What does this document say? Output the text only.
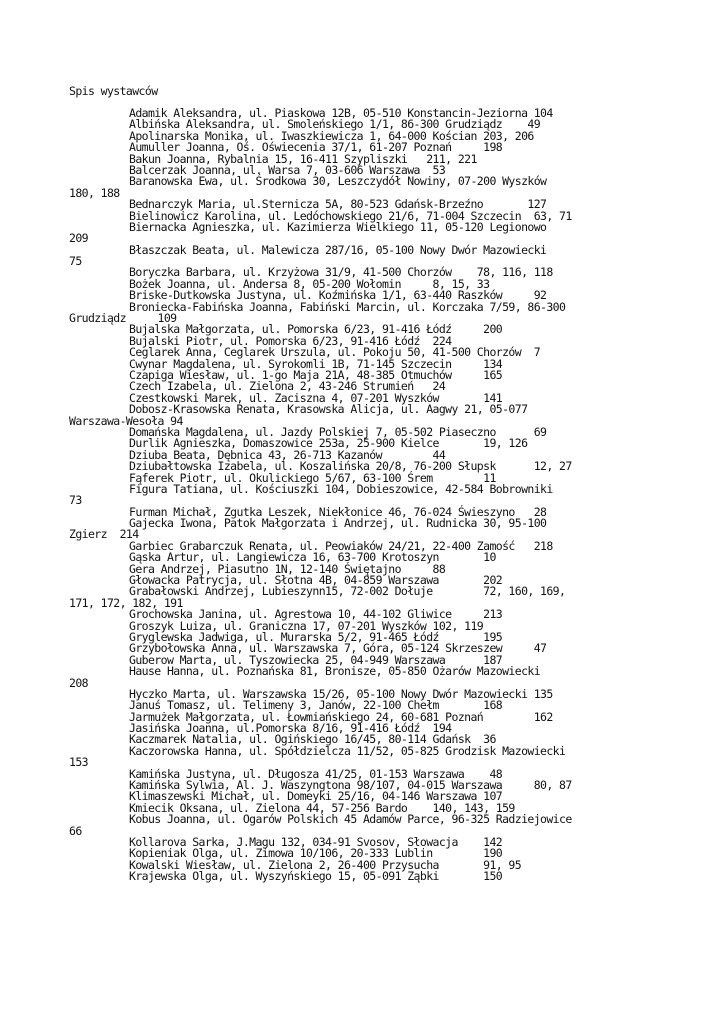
Spis wystawców
Adamik Aleksandra, ul. Piaskowa 12B, 05-510 Konstancin-Jeziorna 104
Albińska Aleksandra, ul. Smoleńskiego 1/1, 86-300 Grudziądz    49
Apolinarska Monika, ul. Iwaszkiewicza 1, 64-000 Kościan 203, 206
Aumuller Joanna, Oś. Oświecenia 37/1, 61-207 Poznań     198
Bakun Joanna, Rybalnia 15, 16-411 Szypliszki   211, 221
Balcerzak Joanna, ul. Warsa 7, 03-606 Warszawa  53
Baranowska Ewa, ul. Środkowa 30, Leszczydół Nowiny, 07-200 Wyszków
180, 188
Bednarczyk Maria, ul.Sternicza 5A, 80-523 Gdańsk-Brzeźno       127
Bielinowicz Karolina, ul. Ledóchowskiego 21/6, 71-004 Szczecin  63, 71
Biernacka Agnieszka, ul. Kazimierza Wielkiego 11, 05-120 Legionowo
209
Błaszczak Beata, ul. Malewicza 287/16, 05-100 Nowy Dwór Mazowiecki
75
Boryczka Barbara, ul. Krzyżowa 31/9, 41-500 Chorzów    78, 116, 118
Bożek Joanna, ul. Andersa 8, 05-200 Wołomin     8, 15, 33
Briske-Dutkowska Justyna, ul. Koźmińska 1/1, 63-440 Raszków     92
Broniecka-Fabińska Joanna, Fabiński Marcin, ul. Korczaka 7/59, 86-300
Grudziądz     109
Bujalska Małgorzata, ul. Pomorska 6/23, 91-416 Łódź     200
Bujalski Piotr, ul. Pomorska 6/23, 91-416 Łódź  224
Ceglarek Anna, Ceglarek Urszula, ul. Pokoju 50, 41-500 Chorzów  7
Cwynar Magdalena, ul. Syrokomli 1B, 71-145 Szczecin     134
Czapiga Wiesław, ul. 1-go Maja 21A, 48-385 Otmuchów     165
Czech Izabela, ul. Zielona 2, 43-246 Strumień   24
Czestkowski Marek, ul. Zaciszna 4, 07-201 Wyszków       141
Dobosz-Krasowska Renata, Krasowska Alicja, ul. Aagwy 21, 05-077
Warszawa-Wesoła 94
Domańska Magdalena, ul. Jazdy Polskiej 7, 05-502 Piaseczno      69
Durlik Agnieszka, Domaszowice 253a, 25-900 Kielce       19, 126
Dziuba Beata, Dębnica 43, 26-713 Kazanów        44
Dziubałtowska Izabela, ul. Koszalińska 20/8, 76-200 Słupsk      12, 27
Fąferek Piotr, ul. Okulickiego 5/67, 63-100 Śrem        11
Figura Tatiana, ul. Kościuszki 104, Dobieszowice, 42-584 Bobrowniki
73
Furman Michał, Zgutka Leszek, Niekłonice 46, 76-024 Świeszyno   28
Gajecka Iwona, Patok Małgorzata i Andrzej, ul. Rudnicka 30, 95-100
Zgierz  214
Garbiec Grabarczuk Renata, ul. Peowiaków 24/21, 22-400 Zamość   218
Gąska Artur, ul. Langiewicza 16, 63-700 Krotoszyn       10
Gera Andrzej, Piasutno 1N, 12-140 Świętajno     88
Głowacka Patrycja, ul. Słotna 4B, 04-859 Warszawa       202
Grabałowski Andrzej, Lubieszynn15, 72-002 Dołuje        72, 160, 169,
171, 172, 182, 191
Grochowska Janina, ul. Agrestowa 10, 44-102 Gliwice     213
Groszyk Luiza, ul. Graniczna 17, 07-201 Wyszków 102, 119
Gryglewska Jadwiga, ul. Murarska 5/2, 91-465 Łódź       195
Grzybołowska Anna, ul. Warszawska 7, Góra, 05-124 Skrzeszew     47
Guberow Marta, ul. Tyszowiecka 25, 04-949 Warszawa      187
Hause Hanna, ul. Poznańska 81, Bronisze, 05-850 Ożarów Mazowiecki
208
Hyczko Marta, ul. Warszawska 15/26, 05-100 Nowy Dwór Mazowiecki 135
Januś Tomasz, ul. Telimeny 3, Janów, 22-100 Chełm       168
Jarmużek Małgorzata, ul. Łowmiańskiego 24, 60-681 Poznań        162
Jasińska Joanna, ul.Pomorska 8/16, 91-416 Łódź  194
Kaczmarek Natalia, ul. Ogińskiego 16/45, 80-114 Gdańsk  36
Kaczorowska Hanna, ul. Spółdzielcza 11/52, 05-825 Grodzisk Mazowiecki
153
Kamińska Justyna, ul. Długosza 41/25, 01-153 Warszawa    48
Kamińska Sylwia, Al. J. Waszyngtona 98/107, 04-015 Warszawa     80, 87
Klimaszewski Michał, ul. Domeyki 25/16, 04-146 Warszawa 107
Kmiecik Oksana, ul. Zielona 44, 57-256 Bardo    140, 143, 159
Kobus Joanna, ul. Ogarów Polskich 45 Adamów Parce, 96-325 Radziejowice
66
Kollarova Sarka, J.Magu 132, 034-91 Svosov, Słowacja    142
Kopieniak Olga, ul. Zimowa 10/106, 20-333 Lublin        190
Kowalski Wiesław, ul. Zielona 2, 26-400 Przysucha       91, 95
Krajewska Olga, ul. Wyszyńskiego 15, 05-091 Ząbki       150
